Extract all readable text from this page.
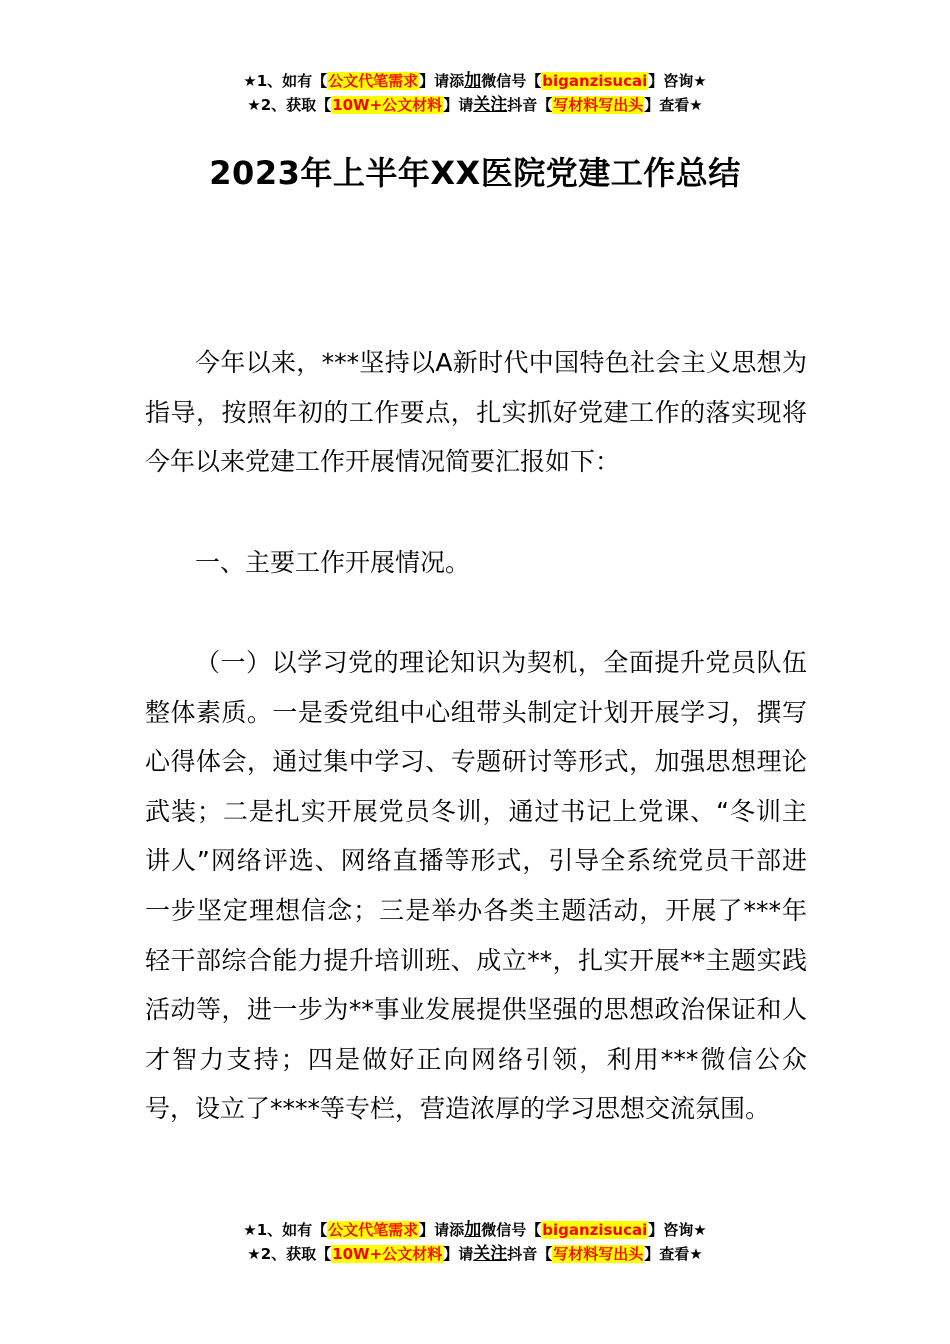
★1、如有【公文代笔需求】请添加微信号【biganzisucai】咨询★
★2、获取【10W+公文材料】请关注抖音【写材料写出头】查看★
2023年上半年XX医院党建工作总结

今年以来，***坚持以A新时代中国特色社会主义思想为指导，按照年初的工作要点，扎实抓好党建工作的落实现将今年以来党建工作开展情况简要汇报如下：

一、主要工作开展情况。

（一）以学习党的理论知识为契机，全面提升党员队伍整体素质。一是委党组中心组带头制定计划开展学习，撰写心得体会，通过集中学习、专题研讨等形式，加强思想理论武装；二是扎实开展党员冬训，通过书记上党课、“冬训主讲人”网络评选、网络直播等形式，引导全系统党员干部进一步坚定理想信念；三是举办各类主题活动，开展了***年轻干部综合能力提升培训班、成立**，扎实开展**主题实践活动等，进一步为**事业发展提供坚强的思想政治保证和人才智力支持；四是做好正向网络引领，利用***微信公众号，设立了****等专栏，营造浓厚的学习思想交流氛围。

★1、如有【公文代笔需求】请添加微信号【biganzisucai】咨询★
★2、获取【10W+公文材料】请关注抖音【写材料写出头】查看★
